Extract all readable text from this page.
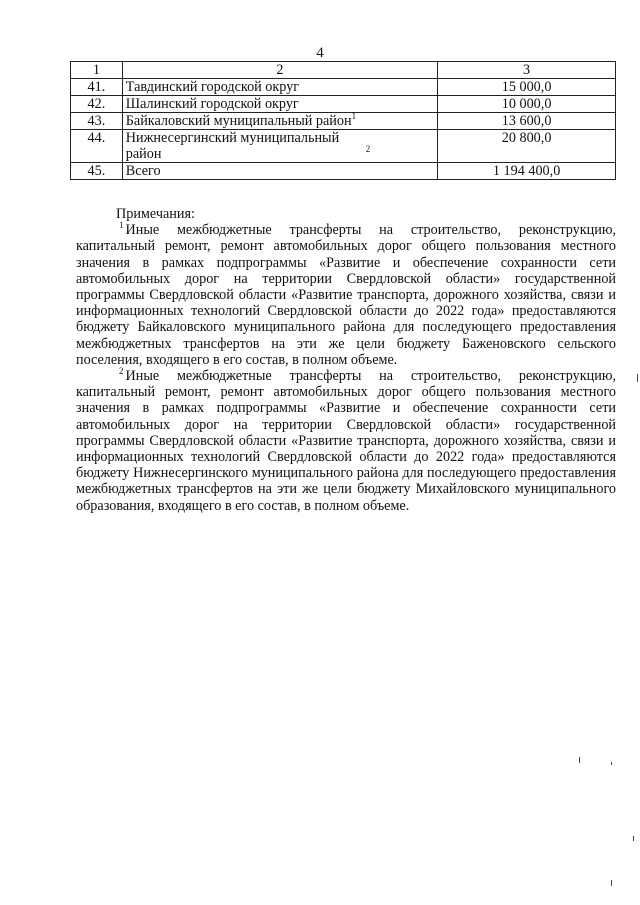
4
1	2	3
41.	Тавдинский городской округ	15 000,0
42.	Шалинский городской округ	10 000,0
43.	Байкаловский муниципальный район$^1$	13 600,0
44.	Нижнесергинский муниципальный район $^2$	20 800,0
45.	Всего	1 194 400,0

Примечания:

$^1$ Иные межбюджетные трансферты на строительство, реконструкцию, капитальный ремонт, ремонт автомобильных дорог общего пользования местного значения в рамках подпрограммы «Развитие и обеспечение сохранности сети автомобильных дорог на территории Свердловской области» государственной программы Свердловской области «Развитие транспорта, дорожного хозяйства, связи и информационных технологий Свердловской области до 2022 года» предоставляются бюджету Байкаловского муниципального района для последующего предоставления межбюджетных трансфертов на эти же цели бюджету Баженовского сельского поселения, входящего в его состав, в полном объеме.

$^2$ Иные межбюджетные трансферты на строительство, реконструкцию, капитальный ремонт, ремонт автомобильных дорог общего пользования местного значения в рамках подпрограммы «Развитие и обеспечение сохранности сети автомобильных дорог на территории Свердловской области» государственной программы Свердловской области «Развитие транспорта, дорожного хозяйства, связи и информационных технологий Свердловской области до 2022 года» предоставляются бюджету Нижнесергинского муниципального района для последующего предоставления межбюджетных трансфертов на эти же цели бюджету Михайловского муниципального образования, входящего в его состав, в полном объеме.
